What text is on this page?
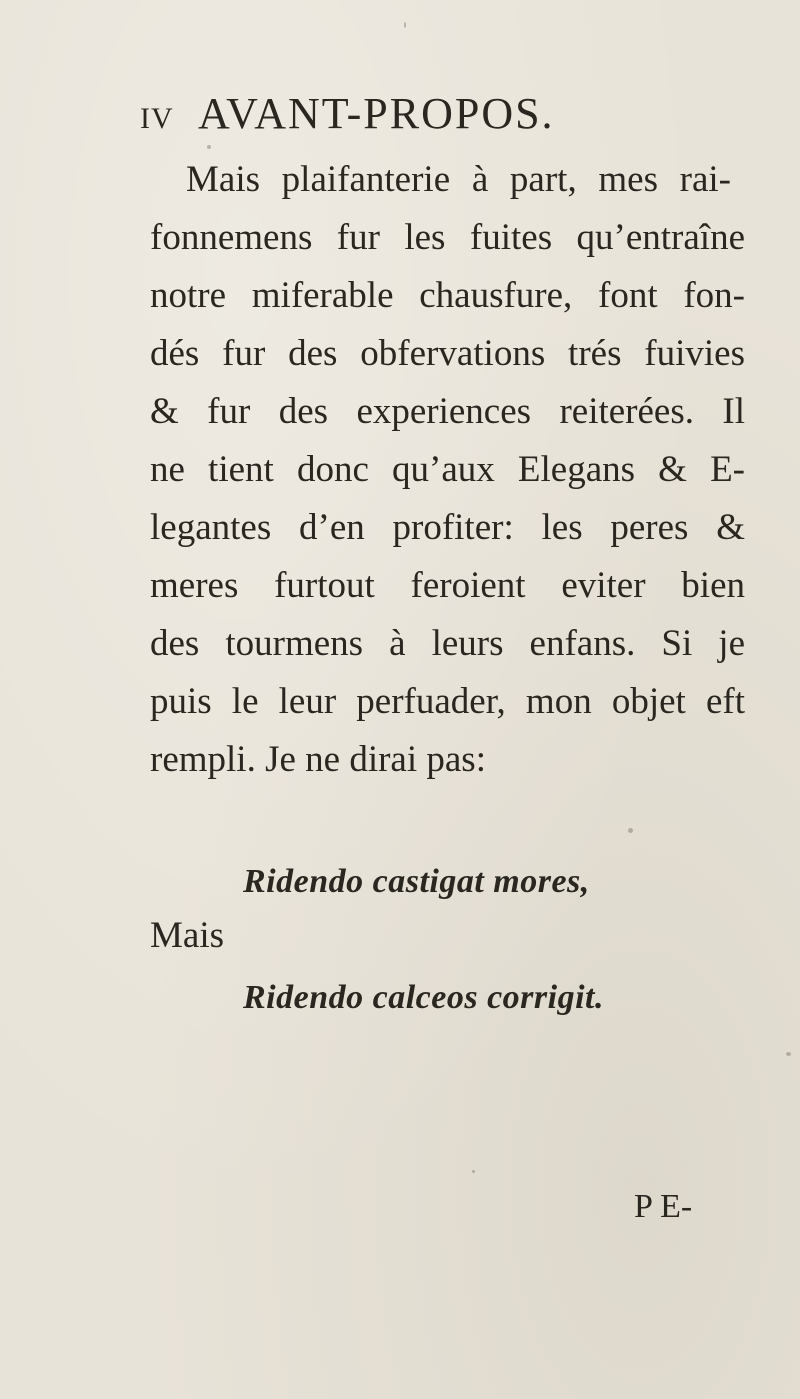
IV AVANT-PROPOS.
Mais plaifanterie à part, mes rai-
fonnemens fur les fuites qu’entraîne
notre miferable chausfure, font fon-
dés fur des obfervations trés fuivies
& fur des experiences reiterées. Il
ne tient donc qu’aux Elegans & E-
legantes d’en profiter: les peres &
meres furtout feroient eviter bien
des tourmens à leurs enfans. Si je
puis le leur perfuader, mon objet eft
rempli. Je ne dirai pas:
Ridendo castigat mores,
Mais
Ridendo calceos corrigit.
P E-
